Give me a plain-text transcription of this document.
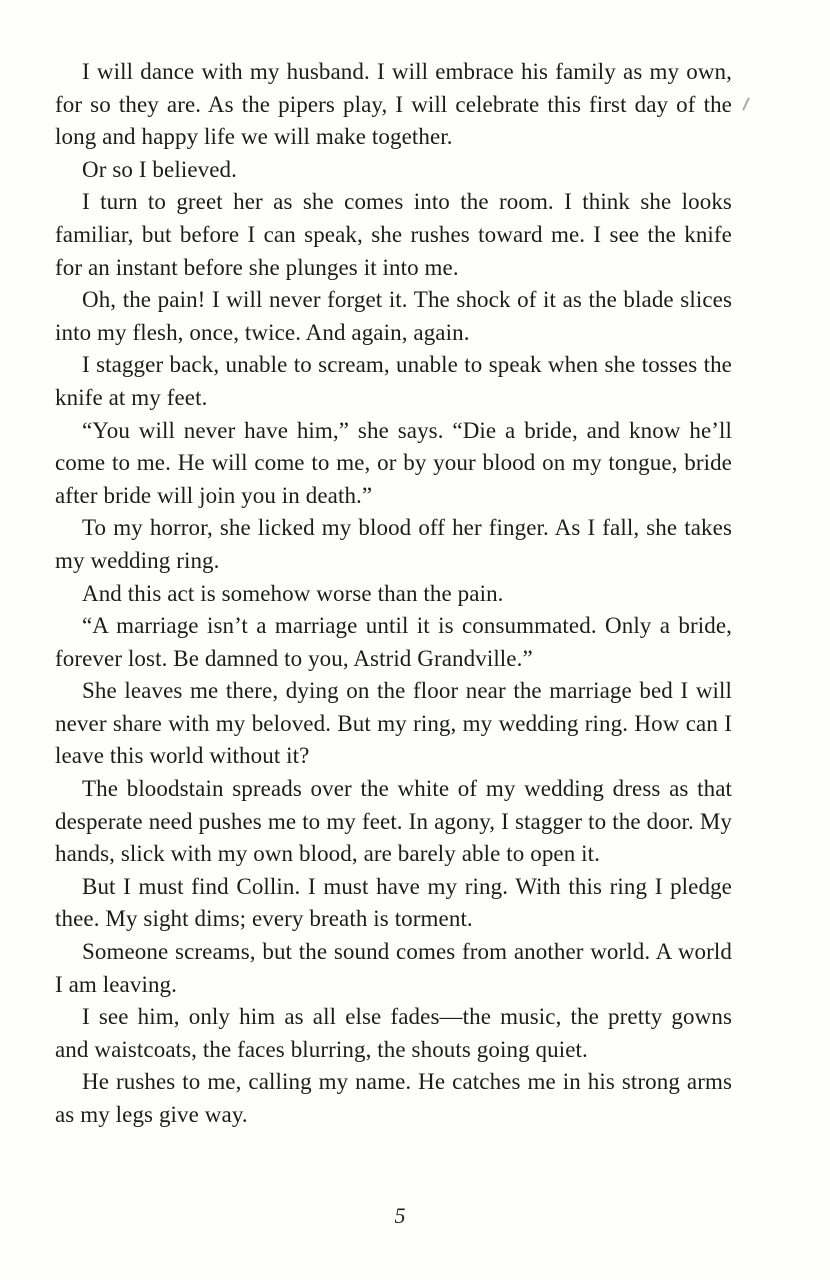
I will dance with my husband. I will embrace his family as my own, for so they are. As the pipers play, I will celebrate this first day of the long and happy life we will make together.

Or so I believed.

I turn to greet her as she comes into the room. I think she looks familiar, but before I can speak, she rushes toward me. I see the knife for an instant before she plunges it into me.

Oh, the pain! I will never forget it. The shock of it as the blade slices into my flesh, once, twice. And again, again.

I stagger back, unable to scream, unable to speak when she tosses the knife at my feet.

“You will never have him,” she says. “Die a bride, and know he’ll come to me. He will come to me, or by your blood on my tongue, bride after bride will join you in death.”

To my horror, she licked my blood off her finger. As I fall, she takes my wedding ring.

And this act is somehow worse than the pain.

“A marriage isn’t a marriage until it is consummated. Only a bride, forever lost. Be damned to you, Astrid Grandville.”

She leaves me there, dying on the floor near the marriage bed I will never share with my beloved. But my ring, my wedding ring. How can I leave this world without it?

The bloodstain spreads over the white of my wedding dress as that desperate need pushes me to my feet. In agony, I stagger to the door. My hands, slick with my own blood, are barely able to open it.

But I must find Collin. I must have my ring. With this ring I pledge thee. My sight dims; every breath is torment.

Someone screams, but the sound comes from another world. A world I am leaving.

I see him, only him as all else fades—the music, the pretty gowns and waistcoats, the faces blurring, the shouts going quiet.

He rushes to me, calling my name. He catches me in his strong arms as my legs give way.

5
